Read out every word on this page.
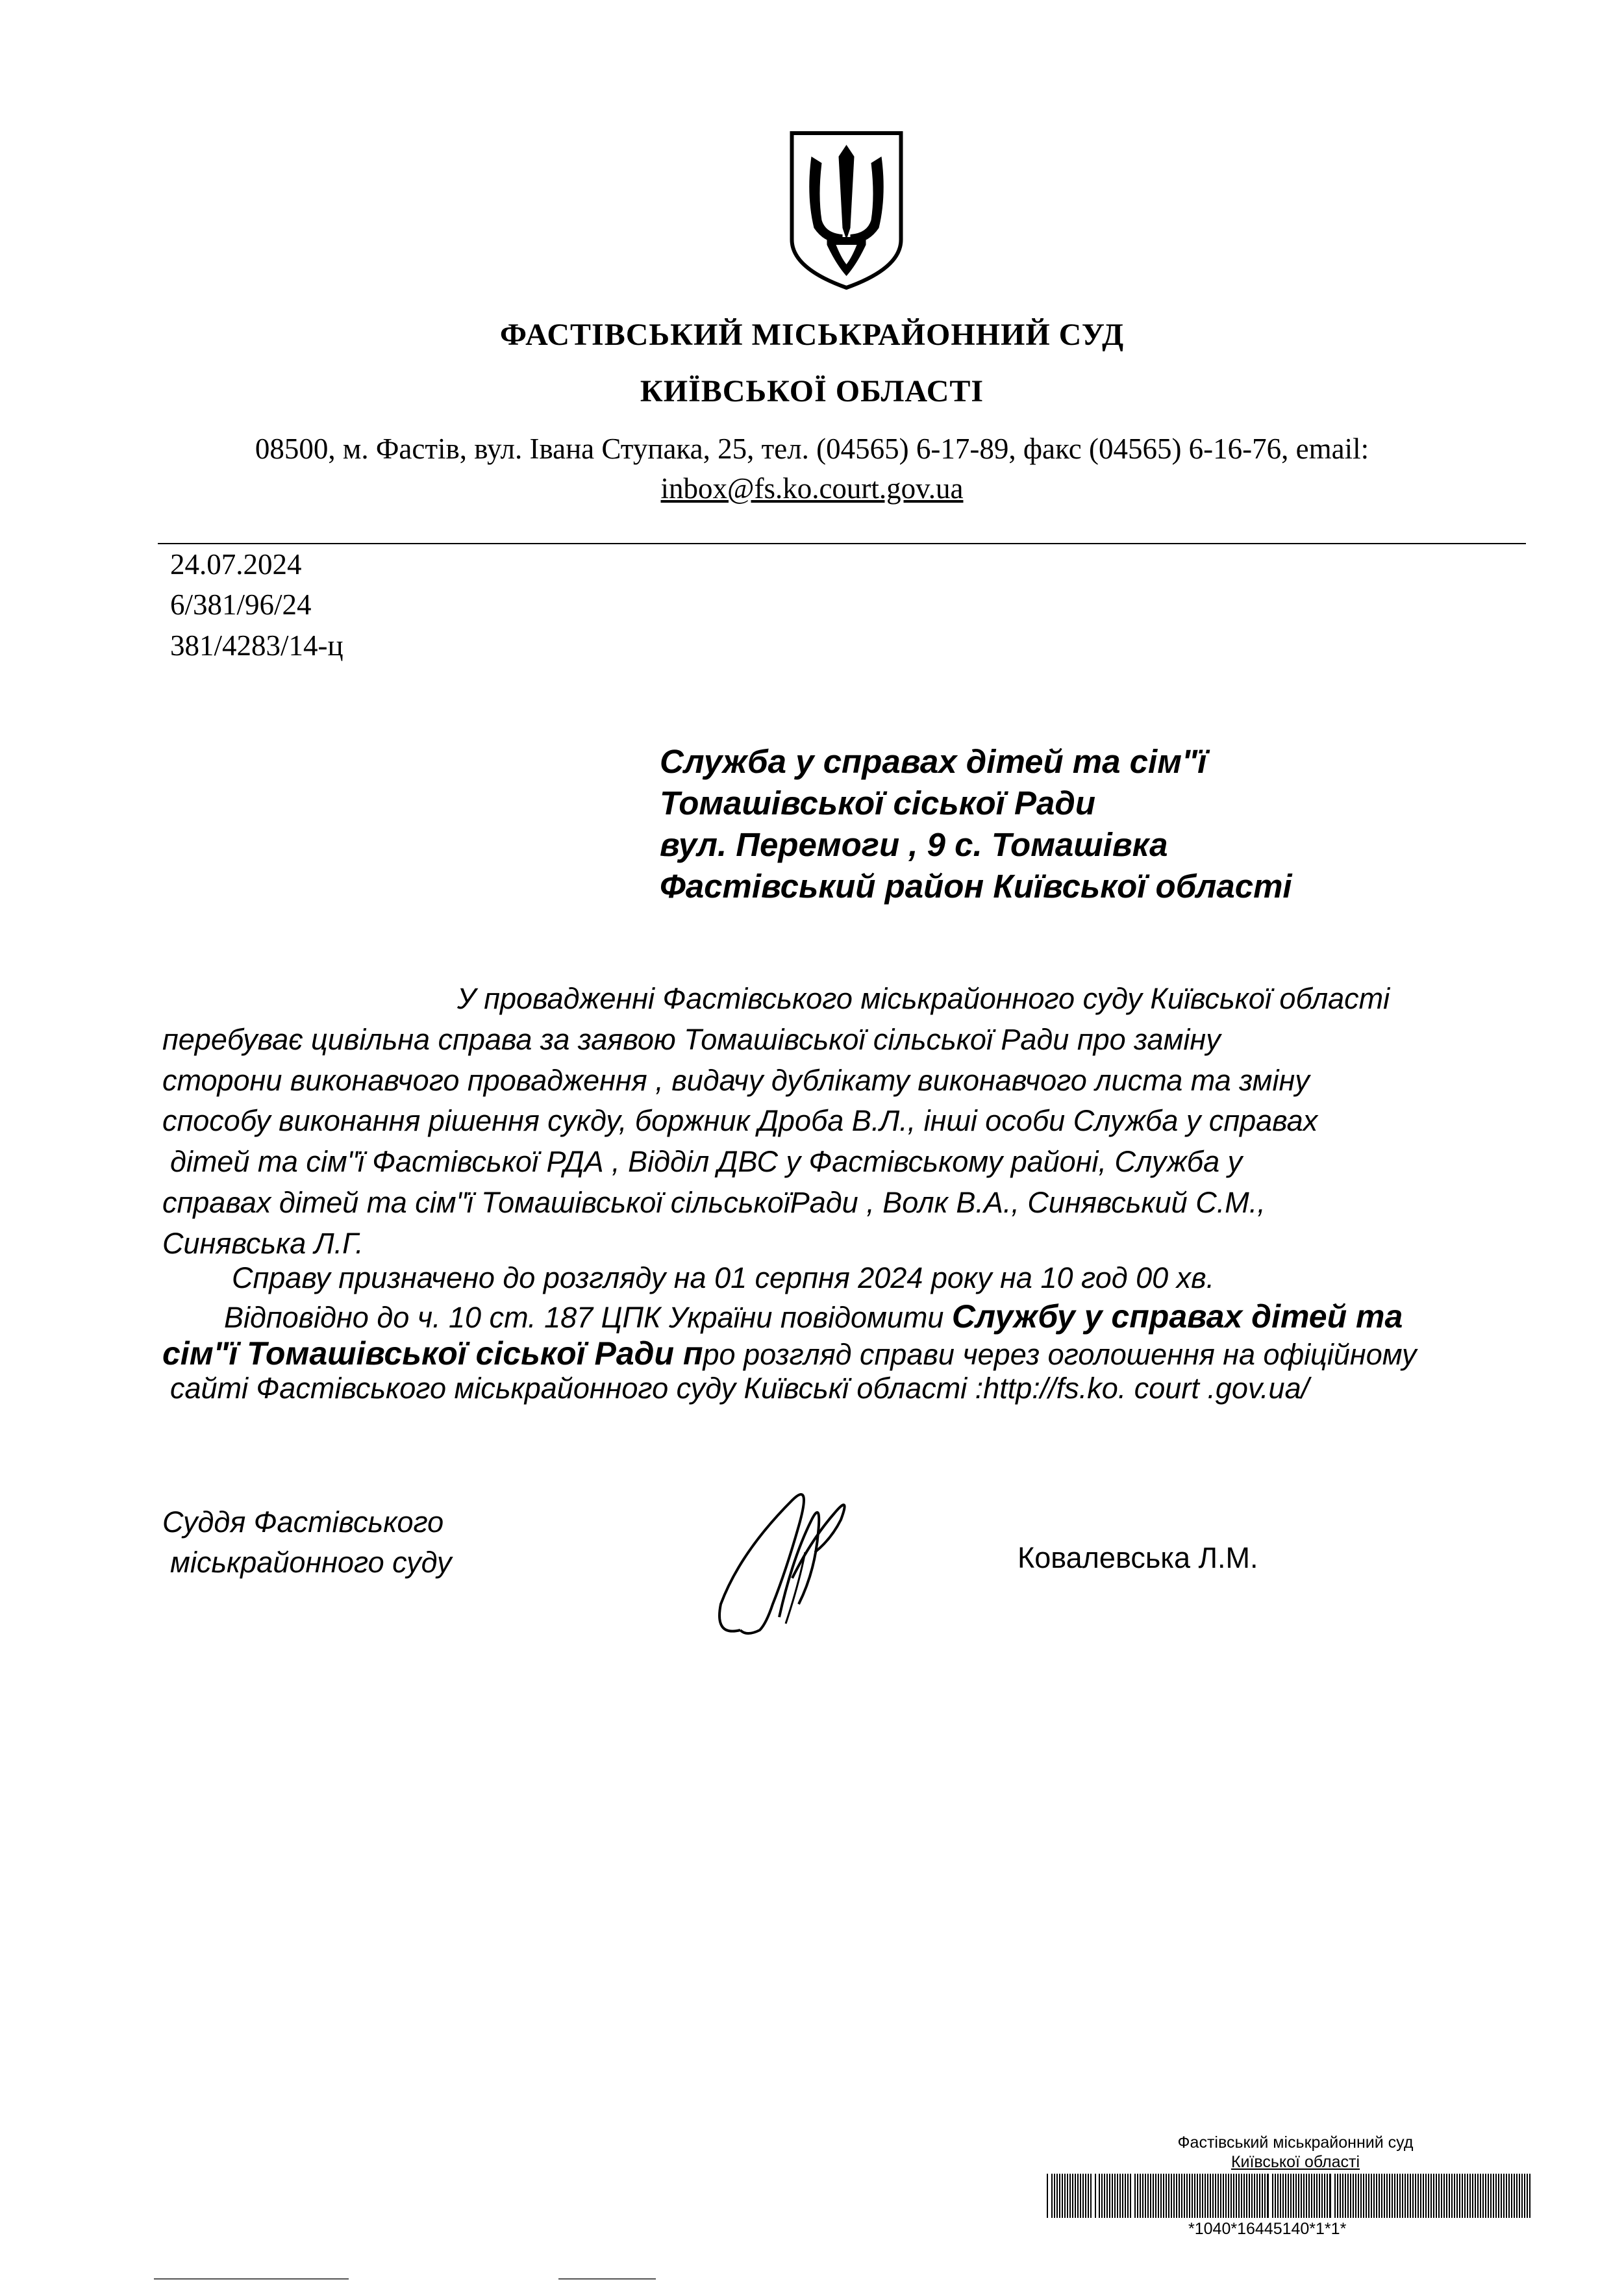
ФАСТІВСЬКИЙ МІСЬКРАЙОННИЙ СУД
КИЇВСЬКОЇ ОБЛАСТІ
08500, м. Фастів, вул. Івана Ступака, 25, тел. (04565) 6-17-89, факс (04565) 6-16-76, email:
inbox@fs.ko.court.gov.ua
24.07.2024
6/381/96/24
381/4283/14-ц
Служба у справах дітей та сім"ї
Томашівської сіської Ради
вул. Перемоги , 9 с. Томашівка
Фастівський район Київської області
У провадженні Фастівського міськрайонного суду Київської області
перебуває цивільна справа за заявою Томашівської сільської Ради про заміну
сторони виконавчого провадження , видачу дублікату виконавчого листа та зміну
способу виконання рішення сукду, боржник Дроба В.Л., інші особи Служба у справах
дітей та сім"ї Фастівської РДА , Відділ ДВС у Фастівському районі, Служба у
справах дітей та сім"ї Томашівської сільськоїРади , Волк В.А., Синявський С.М.,
Синявська Л.Г.
Справу призначено до розгляду на 01 серпня 2024 року на 10 год 00 хв.
Відповідно до ч. 10 ст. 187 ЦПК України повідомити Службу у справах дітей та
сім"ї Томашівської сіської Ради про розгляд справи через оголошення на офіційному
сайті Фастівського міськрайонного суду Київськї області :http://fs.ko. court .gov.ua/
Суддя Фастівського
міськрайонного суду	Ковалевська Л.М.
Фастівський міськрайонний суд
Київської області
*1040*16445140*1*1*
